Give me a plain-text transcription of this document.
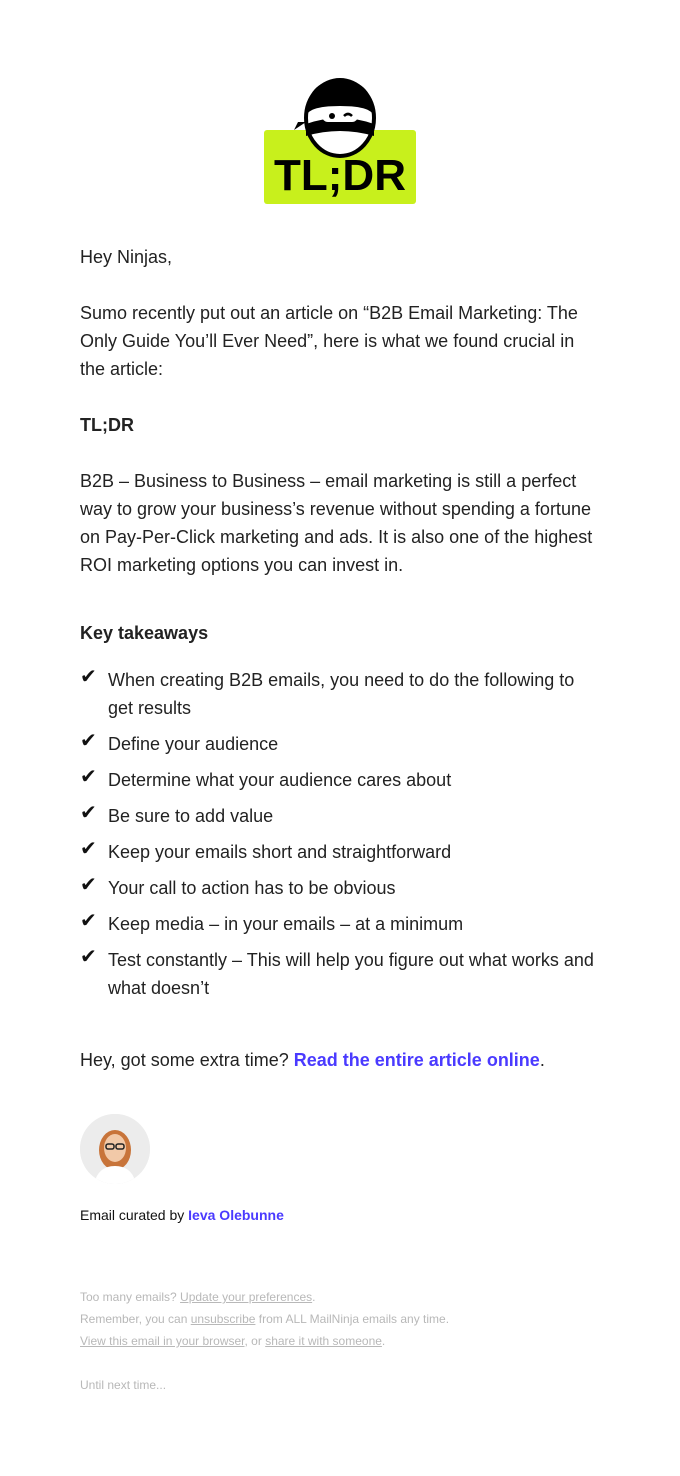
TL;DR

Hey Ninjas,

Sumo recently put out an article on “B2B Email Marketing: The Only Guide You’ll Ever Need”, here is what we found crucial in the article:

TL;DR

B2B – Business to Business – email marketing is still a perfect way to grow your business’s revenue without spending a fortune on Pay-Per-Click marketing and ads. It is also one of the highest ROI marketing options you can invest in.

Key takeaways

✔ When creating B2B emails, you need to do the following to get results
✔ Define your audience
✔ Determine what your audience cares about
✔ Be sure to add value
✔ Keep your emails short and straightforward
✔ Your call to action has to be obvious
✔ Keep media – in your emails – at a minimum
✔ Test constantly – This will help you figure out what works and what doesn’t

Hey, got some extra time? Read the entire article online.

Email curated by Ieva Olebunne
Too many emails? Update your preferences.
Remember, you can unsubscribe from ALL MailNinja emails any time.
View this email in your browser, or share it with someone.
Until next time...
